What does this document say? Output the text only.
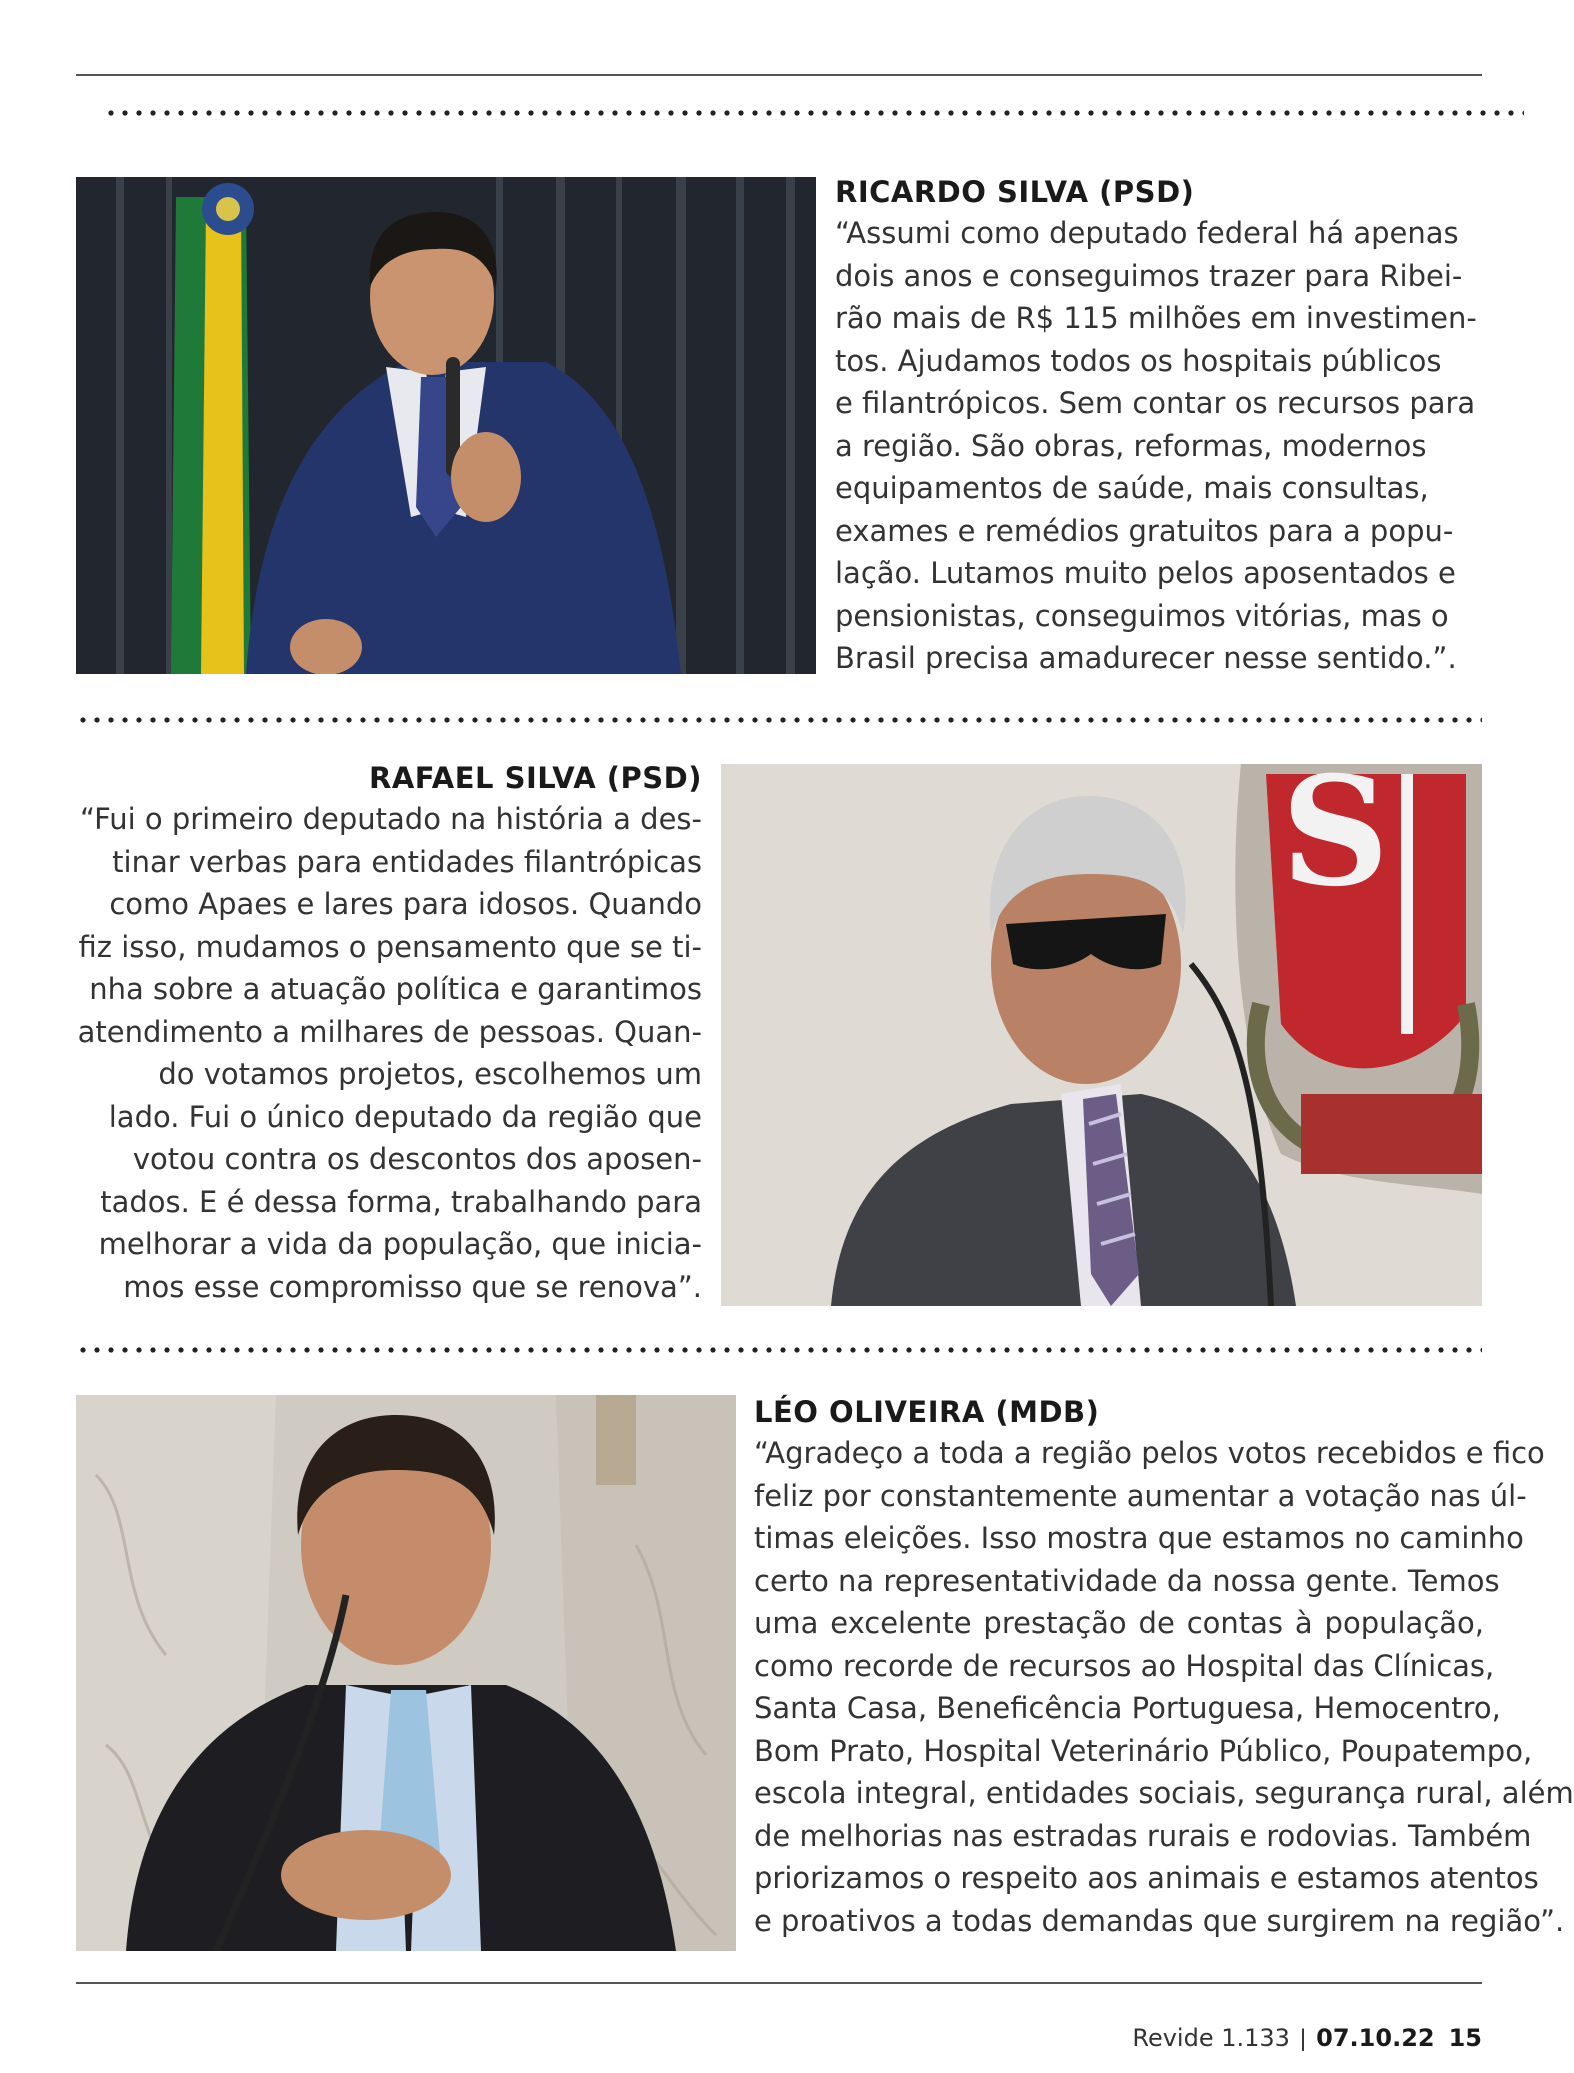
RICARDO SILVA (PSD)
“Assumi como deputado federal há apenas
dois anos e conseguimos trazer para Ribei-
rão mais de R$ 115 milhões em investimen-
tos. Ajudamos todos os hospitais públicos
e filantrópicos. Sem contar os recursos para
a região. São obras, reformas, modernos
equipamentos de saúde, mais consultas,
exames e remédios gratuitos para a popu-
lação. Lutamos muito pelos aposentados e
pensionistas, conseguimos vitórias, mas o
Brasil precisa amadurecer nesse sentido.”.
RAFAEL SILVA (PSD)
“Fui o primeiro deputado na história a des-
tinar verbas para entidades filantrópicas
como Apaes e lares para idosos. Quando
fiz isso, mudamos o pensamento que se ti-
nha sobre a atuação política e garantimos
atendimento a milhares de pessoas. Quan-
do votamos projetos, escolhemos um
lado. Fui o único deputado da região que
votou contra os descontos dos aposen-
tados. E é dessa forma, trabalhando para
melhorar a vida da população, que inicia-
mos esse compromisso que se renova”.
S
LÉO OLIVEIRA (MDB)
“Agradeço a toda a região pelos votos recebidos e fico
feliz por constantemente aumentar a votação nas úl-
timas eleições. Isso mostra que estamos no caminho
certo na representatividade da nossa gente. Temos
uma excelente prestação de contas à população,
como recorde de recursos ao Hospital das Clínicas,
Santa Casa, Beneficência Portuguesa, Hemocentro,
Bom Prato, Hospital Veterinário Público, Poupatempo,
escola integral, entidades sociais, segurança rural, além
de melhorias nas estradas rurais e rodovias. Também
priorizamos o respeito aos animais e estamos atentos
e proativos a todas demandas que surgirem na região”.
Revide 1.133 | 07.10.22 15
